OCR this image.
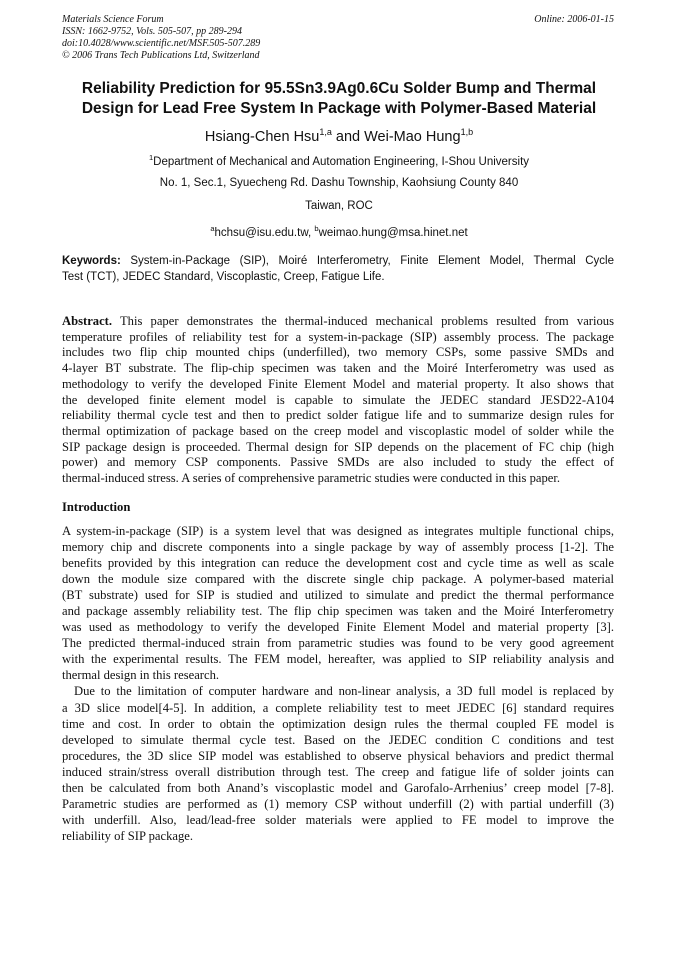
Materials Science Forum
ISSN: 1662-9752, Vols. 505-507, pp 289-294
doi:10.4028/www.scientific.net/MSF.505-507.289
© 2006 Trans Tech Publications Ltd, Switzerland
Online: 2006-01-15
Reliability Prediction for 95.5Sn3.9Ag0.6Cu Solder Bump and Thermal
Design for Lead Free System In Package with Polymer-Based Material
Hsiang-Chen Hsu$^{1,a}$ and Wei-Mao Hung$^{1,b}$
$^1$Department of Mechanical and Automation Engineering, I-Shou University
No. 1, Sec.1, Syuecheng Rd. Dashu Township, Kaohsiung County 840
Taiwan, ROC
$^a$hchsu@isu.edu.tw, $^b$weimao.hung@msa.hinet.net
Keywords: System-in-Package (SIP), Moiré Interferometry, Finite Element Model, Thermal Cycle
Test (TCT), JEDEC Standard, Viscoplastic, Creep, Fatigue Life.
Abstract. This paper demonstrates the thermal-induced mechanical problems resulted from various
temperature profiles of reliability test for a system-in-package (SIP) assembly process. The package
includes two flip chip mounted chips (underfilled), two memory CSPs, some passive SMDs and
4-layer BT substrate. The flip-chip specimen was taken and the Moiré Interferometry was used as
methodology to verify the developed Finite Element Model and material property. It also shows that
the developed finite element model is capable to simulate the JEDEC standard JESD22-A104
reliability thermal cycle test and then to predict solder fatigue life and to summarize design rules for
thermal optimization of package based on the creep model and viscoplastic model of solder while the
SIP package design is proceeded. Thermal design for SIP depends on the placement of FC chip (high
power) and memory CSP components. Passive SMDs are also included to study the effect of
thermal-induced stress. A series of comprehensive parametric studies were conducted in this paper.
Introduction
A system-in-package (SIP) is a system level that was designed as integrates multiple functional chips,
memory chip and discrete components into a single package by way of assembly process [1-2]. The
benefits provided by this integration can reduce the development cost and cycle time as well as scale
down the module size compared with the discrete single chip package. A polymer-based material
(BT substrate) used for SIP is studied and utilized to simulate and predict the thermal performance
and package assembly reliability test. The flip chip specimen was taken and the Moiré Interferometry
was used as methodology to verify the developed Finite Element Model and material property [3].
The predicted thermal-induced strain from parametric studies was found to be very good agreement
with the experimental results. The FEM model, hereafter, was applied to SIP reliability analysis and
thermal design in this research.
Due to the limitation of computer hardware and non-linear analysis, a 3D full model is replaced by
a 3D slice model[4-5]. In addition, a complete reliability test to meet JEDEC [6] standard requires
time and cost. In order to obtain the optimization design rules the thermal coupled FE model is
developed to simulate thermal cycle test. Based on the JEDEC condition C conditions and test
procedures, the 3D slice SIP model was established to observe physical behaviors and predict thermal
induced strain/stress overall distribution through test. The creep and fatigue life of solder joints can
then be calculated from both Anand’s viscoplastic model and Garofalo-Arrhenius’ creep model [7-8].
Parametric studies are performed as (1) memory CSP without underfill (2) with partial underfill (3)
with underfill. Also, lead/lead-free solder materials were applied to FE model to improve the
reliability of SIP package.
